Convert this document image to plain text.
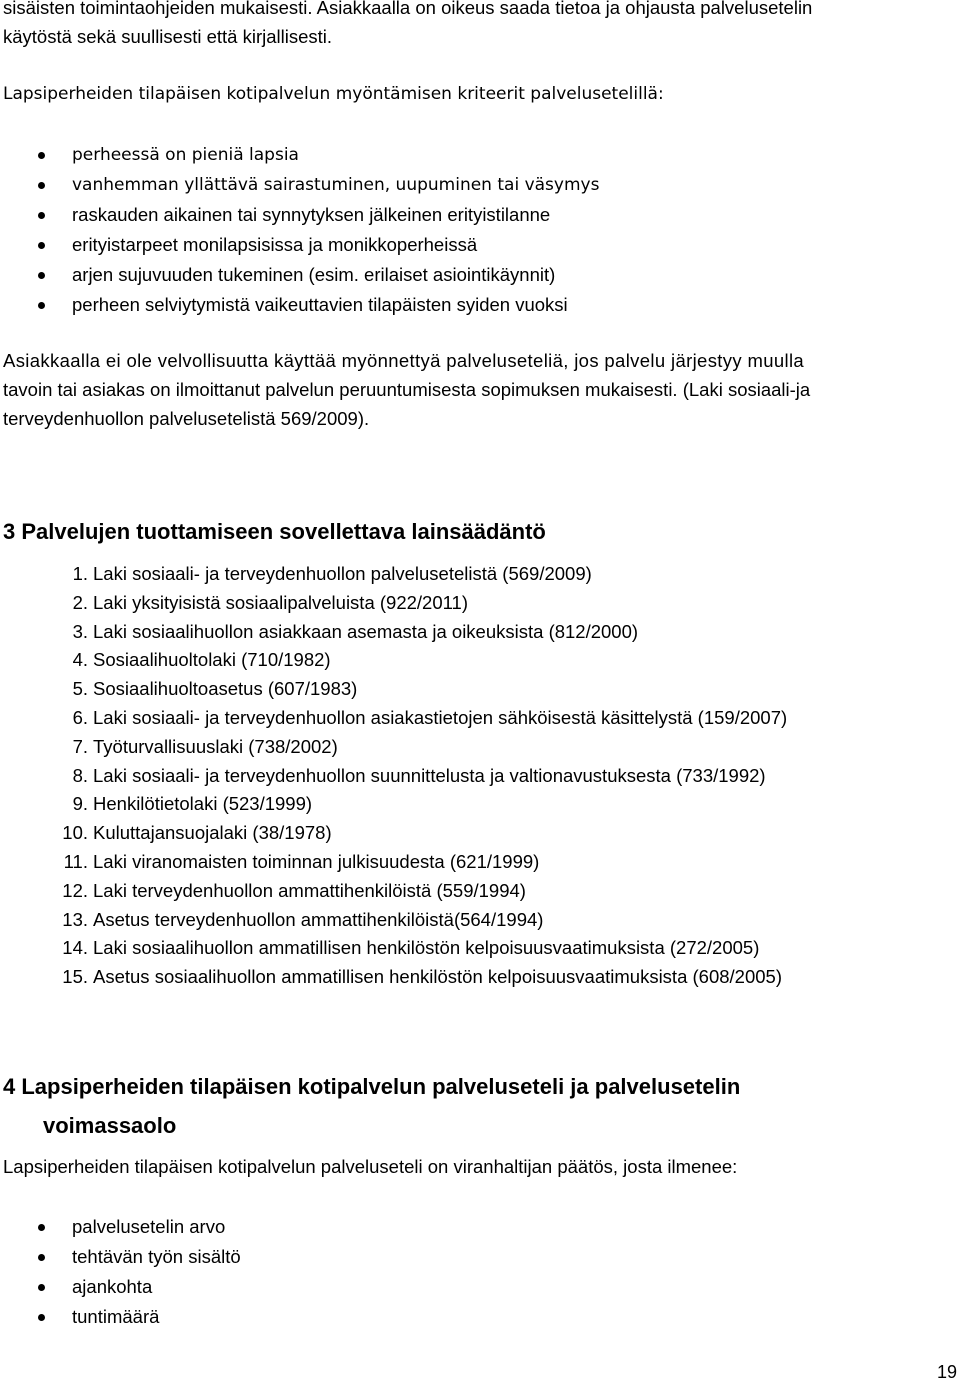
sisäisten toimintaohjeiden mukaisesti. Asiakkaalla on oikeus saada tietoa ja ohjausta palvelusetelin
käytöstä sekä suullisesti että kirjallisesti.
Lapsiperheiden tilapäisen kotipalvelun myöntämisen kriteerit palvelusetelillä:
perheessä on pieniä lapsia
vanhemman yllättävä sairastuminen, uupuminen tai väsymys
raskauden aikainen tai synnytyksen jälkeinen erityistilanne
erityistarpeet monilapsisissa ja monikkoperheissä
arjen sujuvuuden tukeminen (esim. erilaiset asiointikäynnit)
perheen selviytymistä vaikeuttavien tilapäisten syiden vuoksi
Asiakkaalla ei ole velvollisuutta käyttää myönnettyä palveluseteliä, jos palvelu järjestyy muulla
tavoin tai asiakas on ilmoittanut palvelun peruuntumisesta sopimuksen mukaisesti. (Laki sosiaali-ja
terveydenhuollon palvelusetelistä 569/2009).
3 Palvelujen tuottamiseen sovellettava lainsäädäntö
1. Laki sosiaali- ja terveydenhuollon palvelusetelistä (569/2009)
2. Laki yksityisistä sosiaalipalveluista (922/2011)
3. Laki sosiaalihuollon asiakkaan asemasta ja oikeuksista (812/2000)
4. Sosiaalihuoltolaki (710/1982)
5. Sosiaalihuoltoasetus (607/1983)
6. Laki sosiaali- ja terveydenhuollon asiakastietojen sähköisestä käsittelystä (159/2007)
7. Työturvallisuuslaki (738/2002)
8. Laki sosiaali- ja terveydenhuollon suunnittelusta ja valtionavustuksesta (733/1992)
9. Henkilötietolaki (523/1999)
10. Kuluttajansuojalaki (38/1978)
11. Laki viranomaisten toiminnan julkisuudesta (621/1999)
12. Laki terveydenhuollon ammattihenkilöistä (559/1994)
13. Asetus terveydenhuollon ammattihenkilöistä(564/1994)
14. Laki sosiaalihuollon ammatillisen henkilöstön kelpoisuusvaatimuksista (272/2005)
15. Asetus sosiaalihuollon ammatillisen henkilöstön kelpoisuusvaatimuksista (608/2005)
4 Lapsiperheiden tilapäisen kotipalvelun palveluseteli ja palvelusetelin
voimassaolo
Lapsiperheiden tilapäisen kotipalvelun palveluseteli on viranhaltijan päätös, josta ilmenee:
palvelusetelin arvo
tehtävän työn sisältö
ajankohta
tuntimäärä
19
